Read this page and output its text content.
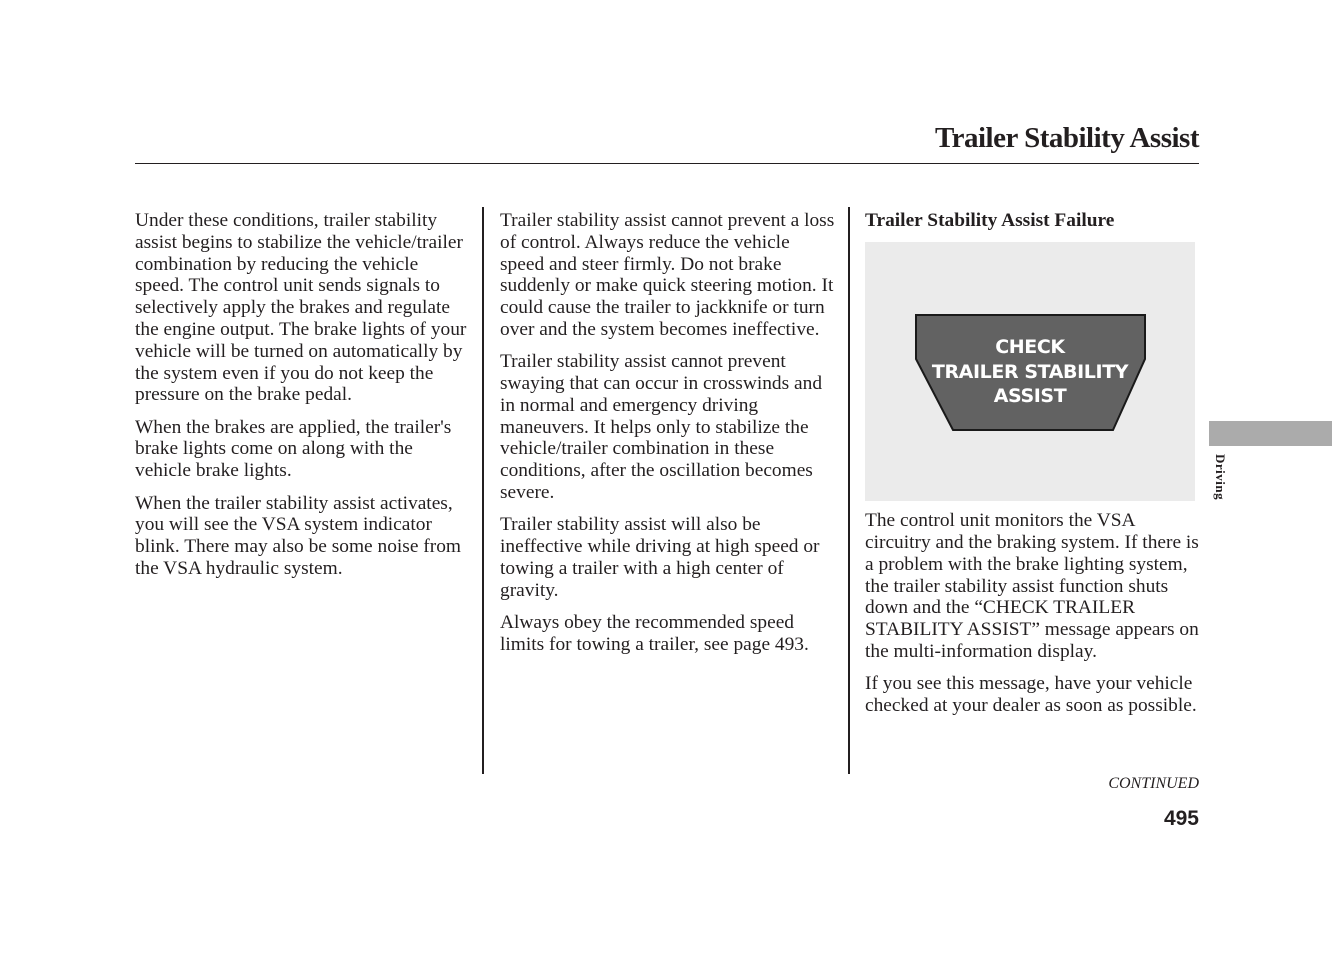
Trailer Stability Assist

Under these conditions, trailer stability assist begins to stabilize the vehicle/trailer combination by reducing the vehicle speed. The control unit sends signals to selectively apply the brakes and regulate the engine output. The brake lights of your vehicle will be turned on automatically by the system even if you do not keep the pressure on the brake pedal.

When the brakes are applied, the trailer's brake lights come on along with the vehicle brake lights.

When the trailer stability assist activates, you will see the VSA system indicator blink. There may also be some noise from the VSA hydraulic system.

Trailer stability assist cannot prevent a loss of control. Always reduce the vehicle speed and steer firmly. Do not brake suddenly or make quick steering motion. It could cause the trailer to jackknife or turn over and the system becomes ineffective.

Trailer stability assist cannot prevent swaying that can occur in crosswinds and in normal and emergency driving maneuvers. It helps only to stabilize the vehicle/trailer combination in these conditions, after the oscillation becomes severe.

Trailer stability assist will also be ineffective while driving at high speed or towing a trailer with a high center of gravity.

Always obey the recommended speed limits for towing a trailer, see page 493.

Trailer Stability Assist Failure

CHECK
TRAILER STABILITY
ASSIST

The control unit monitors the VSA circuitry and the braking system. If there is a problem with the brake lighting system, the trailer stability assist function shuts down and the “CHECK TRAILER STABILITY ASSIST” message appears on the multi-information display.

If you see this message, have your vehicle checked at your dealer as soon as possible.

CONTINUED
495
Driving
